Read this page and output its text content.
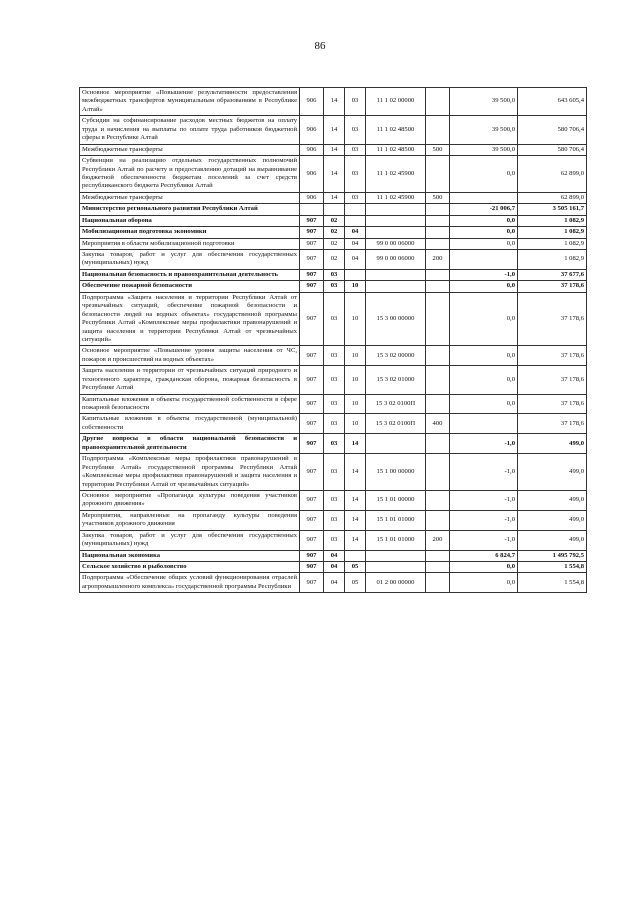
86
Основное мероприятие «Повышение результативности предоставления межбюджетных трансфертов муниципальным образованиям в Республике Алтай»	906	14	03	11 1 02 00000		39 500,0	643 605,4
Субсидии на софинансирование расходов местных бюджетов на оплату труда и начисления на выплаты по оплате труда работников бюджетной сферы в Республике Алтай	906	14	03	11 1 02 48500		39 500,0	580 706,4
Межбюджетные трансферты	906	14	03	11 1 02 48500	500	39 500,0	580 706,4
Субвенции на реализацию отдельных государственных полномочий Республики Алтай по расчету и предоставлению дотаций на выравнивание бюджетной обеспеченности бюджетам поселений за счет средств республиканского бюджета Республики Алтай	906	14	03	11 1 02 45900		0,0	62 899,0
Межбюджетные трансферты	906	14	03	11 1 02 45900	500		62 899,0
Министерство регионального развития Республики Алтай						-21 006,7	3 505 161,7
Национальная оборона	907	02				0,0	1 082,9
Мобилизационная подготовка экономики	907	02	04			0,0	1 082,9
Мероприятия в области мобилизационной подготовки	907	02	04	99 0 00 06000		0,0	1 082,9
Закупка товаров, работ и услуг для обеспечения государственных (муниципальных) нужд	907	02	04	99 0 00 06000	200		1 082,9
Национальная безопасность и правоохранительная деятельность	907	03				-1,0	37 677,6
Обеспечение пожарной безопасности	907	03	10			0,0	37 178,6
Подпрограмма «Защита населения и территории Республики Алтай от чрезвычайных ситуаций, обеспечение пожарной безопасности и безопасности людей на водных объектах» государственной программы Республики Алтай «Комплексные меры профилактики правонарушений и защита населения и территории Республики Алтай от чрезвычайных ситуаций»	907	03	10	15 3 00 00000		0,0	37 178,6
Основное мероприятие «Повышение уровня защиты населения от ЧС, пожаров и происшествий на водных объектах»	907	03	10	15 3 02 00000		0,0	37 178,6
Защита населения и территории от чрезвычайных ситуаций природного и техногенного характера, гражданская оборона, пожарная безопасность в Республике Алтай	907	03	10	15 3 02 01000		0,0	37 178,6
Капитальные вложения в объекты государственной собственности в сфере пожарной безопасности	907	03	10	15 3 02 0100П		0,0	37 178,6
Капитальные вложения в объекты государственной (муниципальной) собственности	907	03	10	15 3 02 0100П	400		37 178,6
Другие вопросы в области национальной безопасности и правоохранительной деятельности	907	03	14			-1,0	499,0
Подпрограмма «Комплексные меры профилактики правонарушений в Республике Алтай» государственной программы Республики Алтай «Комплексные меры профилактики правонарушений и защита населения и территории Республики Алтай от чрезвычайных ситуаций»	907	03	14	15 1 00 00000		-1,0	499,0
Основное мероприятие «Пропаганда культуры поведения участников дорожного движения»	907	03	14	15 1 01 00000		-1,0	499,0
Мероприятия, направленные на пропаганду культуры поведения участников дорожного движения	907	03	14	15 1 01 01000		-1,0	499,0
Закупка товаров, работ и услуг для обеспечения государственных (муниципальных) нужд	907	03	14	15 1 01 01000	200	-1,0	499,0
Национальная экономика	907	04				6 824,7	1 495 792,5
Сельское хозяйство и рыболовство	907	04	05			0,0	1 554,8
Подпрограмма «Обеспечение общих условий функционирования отраслей агропромышленного комплекса» государственной программы Республики	907	04	05	01 2 00 00000		0,0	1 554,8
